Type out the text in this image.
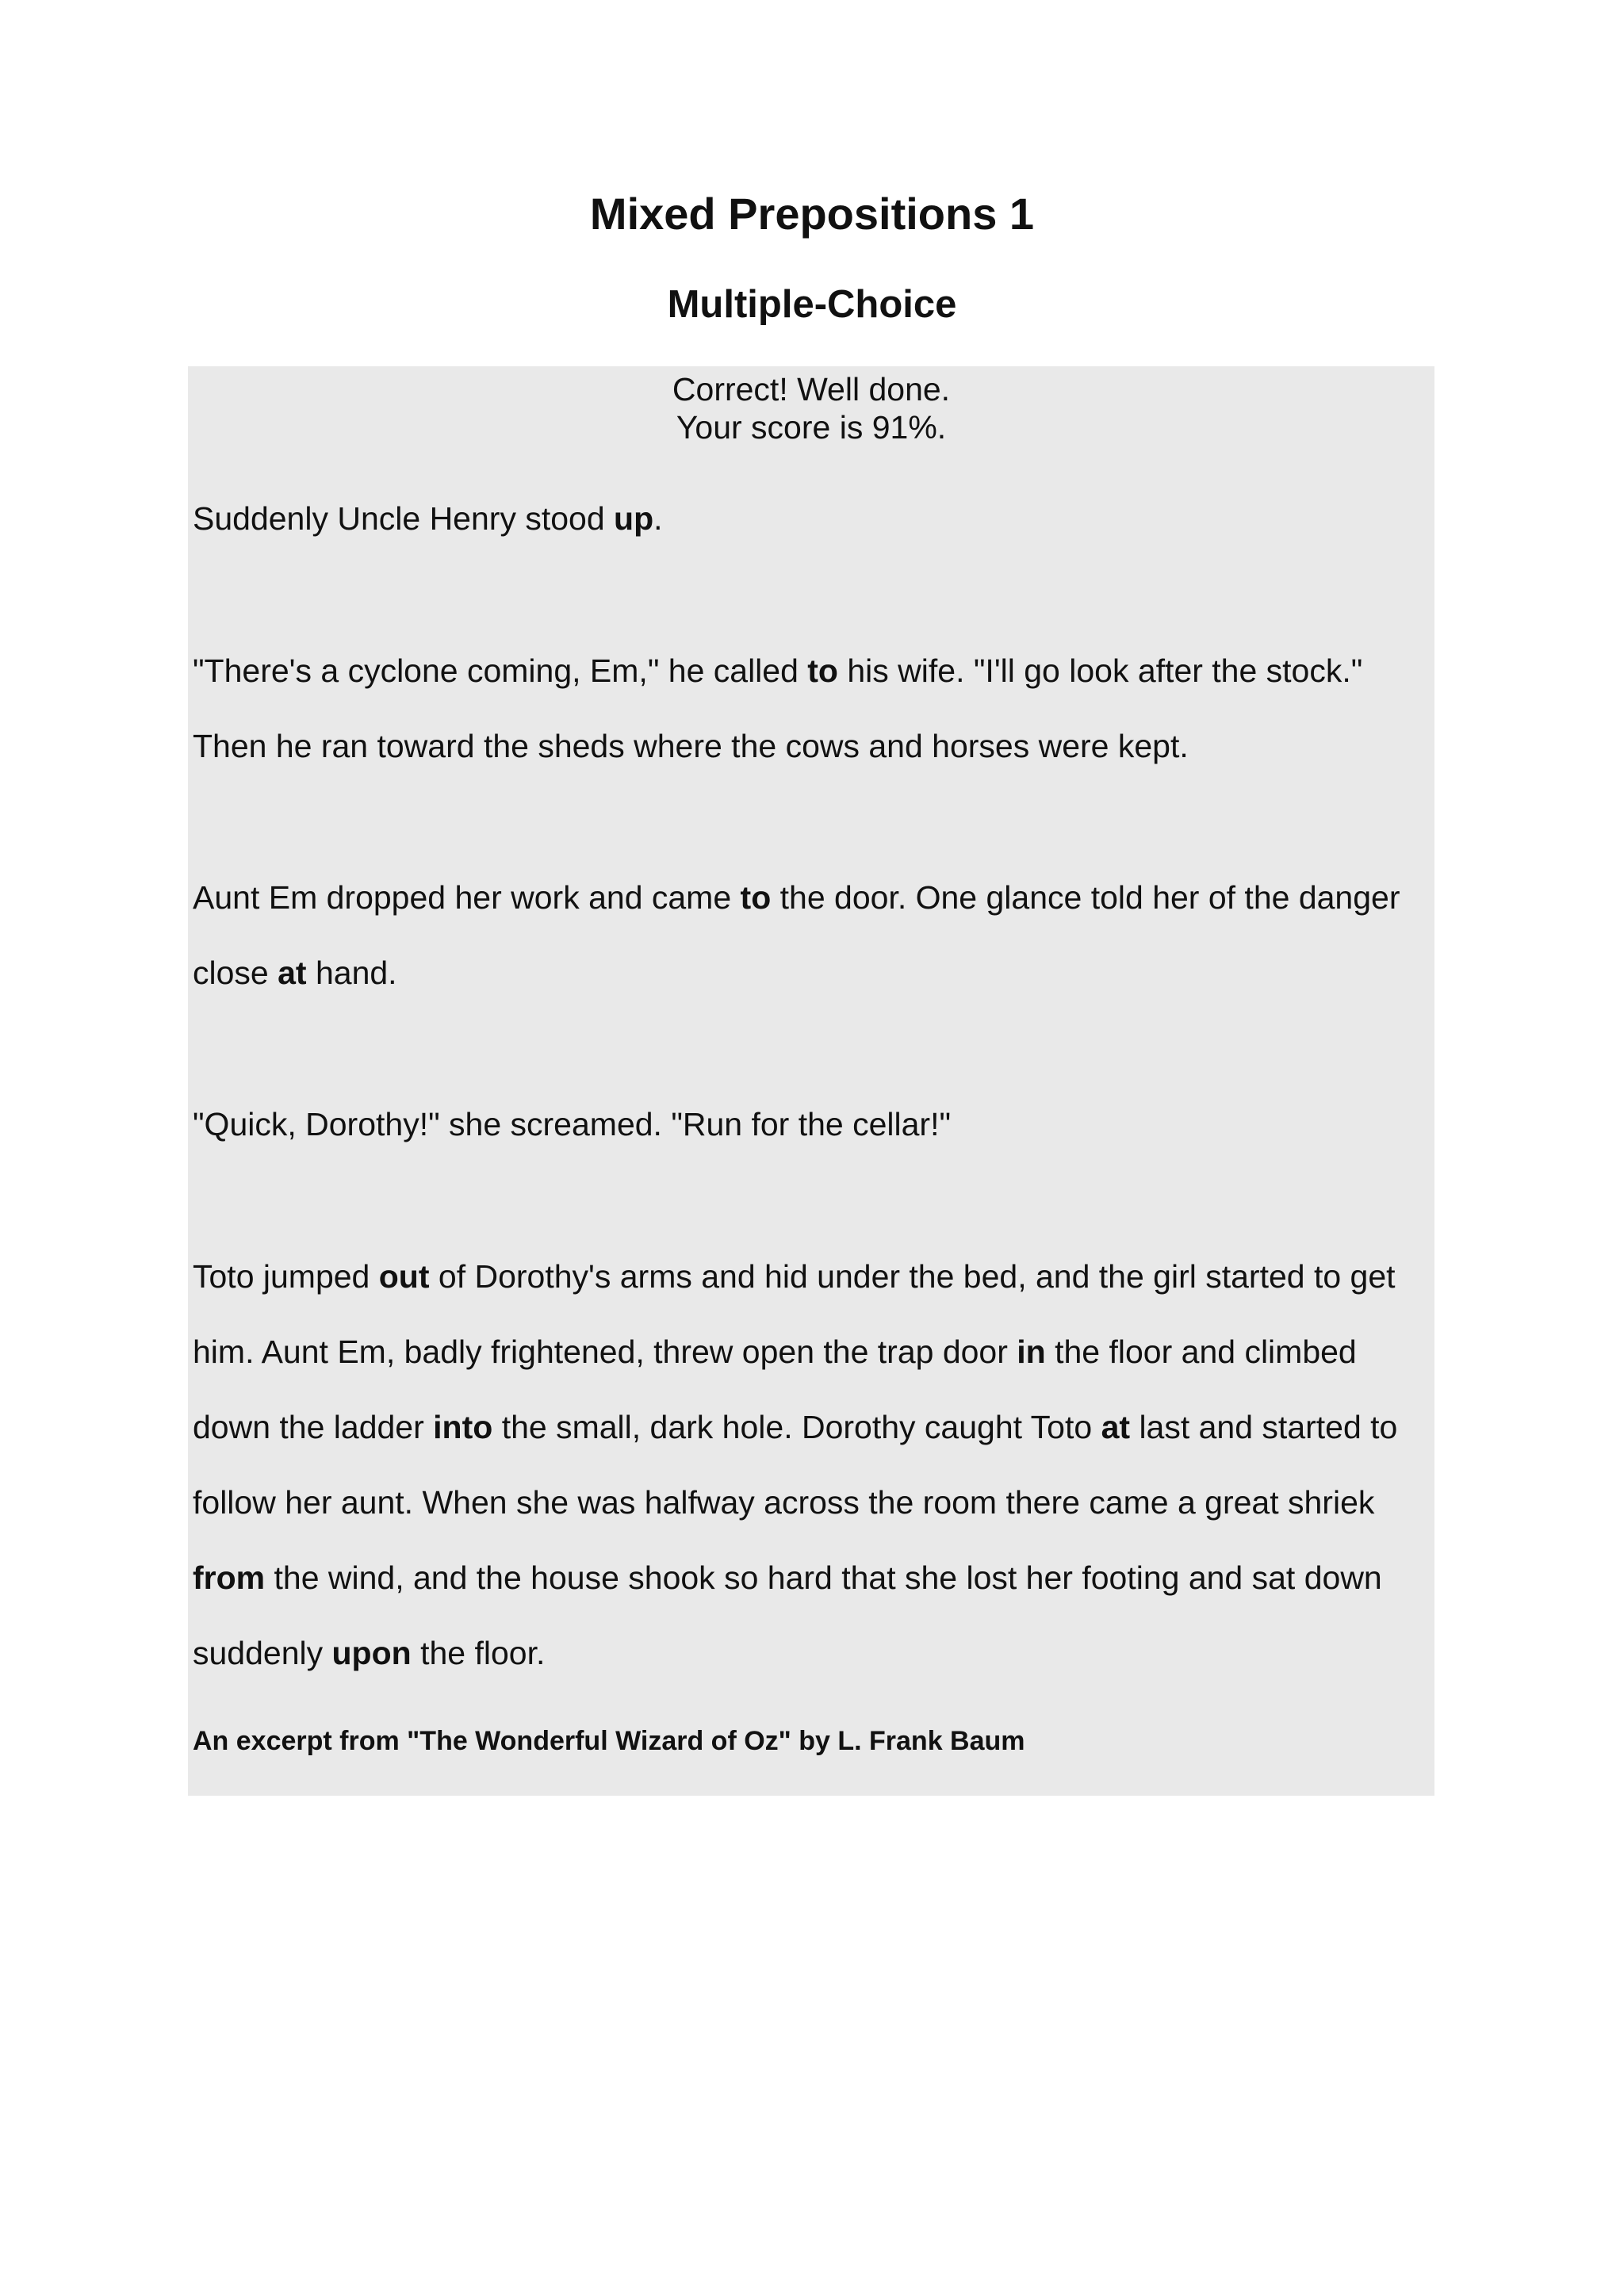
Mixed Prepositions 1
Multiple-Choice
Correct! Well done.
Your score is 91%.

Suddenly Uncle Henry stood up.

"There's a cyclone coming, Em," he called to his wife. "I'll go look after the stock." Then he ran toward the sheds where the cows and horses were kept.

Aunt Em dropped her work and came to the door. One glance told her of the danger close at hand.

"Quick, Dorothy!" she screamed. "Run for the cellar!"

Toto jumped out of Dorothy's arms and hid under the bed, and the girl started to get him. Aunt Em, badly frightened, threw open the trap door in the floor and climbed down the ladder into the small, dark hole. Dorothy caught Toto at last and started to follow her aunt. When she was halfway across the room there came a great shriek from the wind, and the house shook so hard that she lost her footing and sat down suddenly upon the floor.

An excerpt from "The Wonderful Wizard of Oz" by L. Frank Baum
